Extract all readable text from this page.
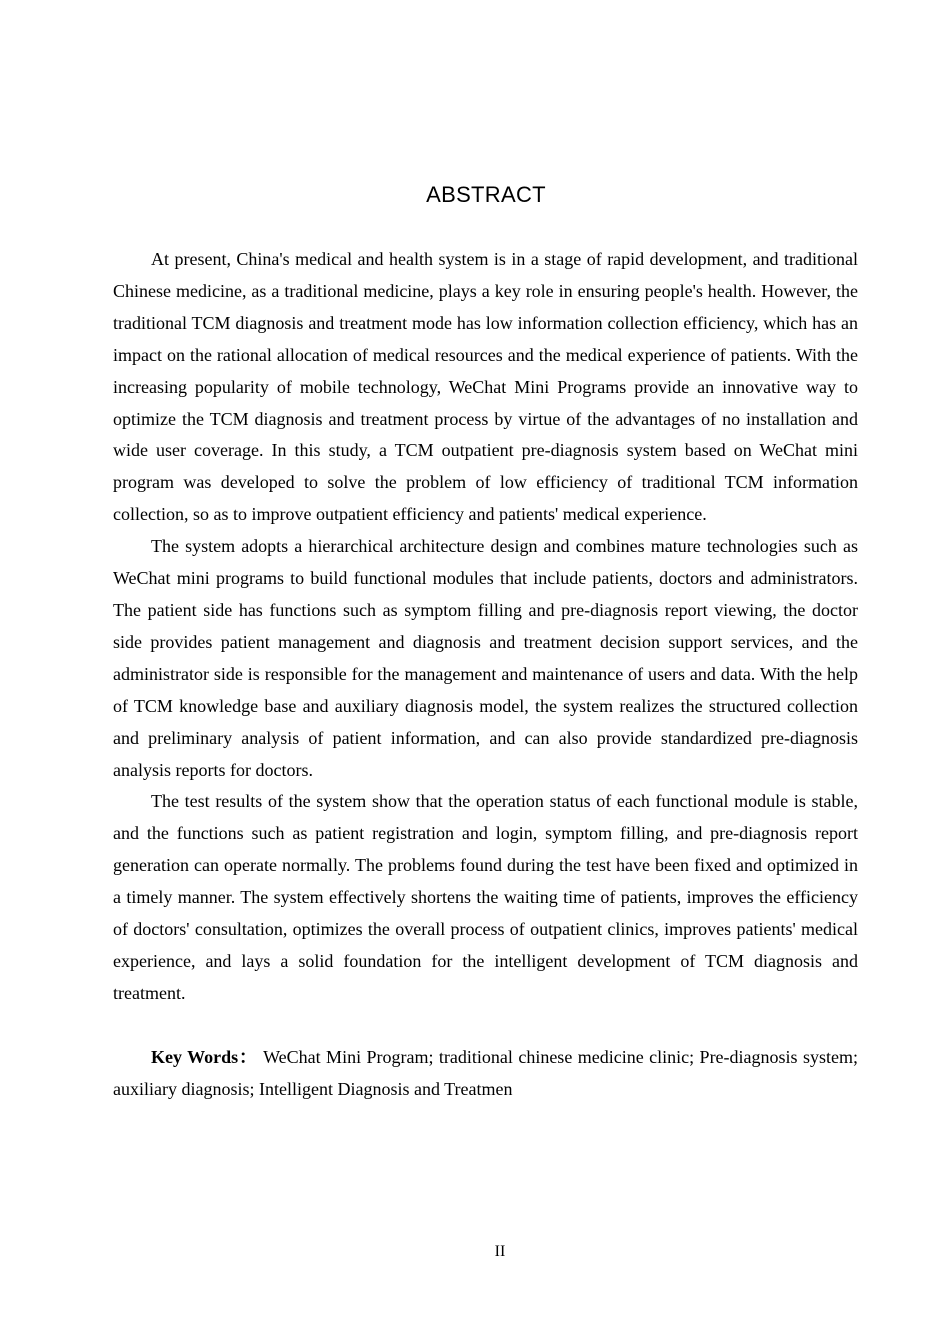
ABSTRACT

At present, China's medical and health system is in a stage of rapid development, and traditional Chinese medicine, as a traditional medicine, plays a key role in ensuring people's health. However, the traditional TCM diagnosis and treatment mode has low information collection efficiency, which has an impact on the rational allocation of medical resources and the medical experience of patients. With the increasing popularity of mobile technology, WeChat Mini Programs provide an innovative way to optimize the TCM diagnosis and treatment process by virtue of the advantages of no installation and wide user coverage. In this study, a TCM outpatient pre-diagnosis system based on WeChat mini program was developed to solve the problem of low efficiency of traditional TCM information collection, so as to improve outpatient efficiency and patients' medical experience.

The system adopts a hierarchical architecture design and combines mature technologies such as WeChat mini programs to build functional modules that include patients, doctors and administrators. The patient side has functions such as symptom filling and pre-diagnosis report viewing, the doctor side provides patient management and diagnosis and treatment decision support services, and the administrator side is responsible for the management and maintenance of users and data. With the help of TCM knowledge base and auxiliary diagnosis model, the system realizes the structured collection and preliminary analysis of patient information, and can also provide standardized pre-diagnosis analysis reports for doctors.

The test results of the system show that the operation status of each functional module is stable, and the functions such as patient registration and login, symptom filling, and pre-diagnosis report generation can operate normally. The problems found during the test have been fixed and optimized in a timely manner. The system effectively shortens the waiting time of patients, improves the efficiency of doctors' consultation, optimizes the overall process of outpatient clinics, improves patients' medical experience, and lays a solid foundation for the intelligent development of TCM diagnosis and treatment.

Key Words： WeChat Mini Program; traditional chinese medicine clinic; Pre-diagnosis system; auxiliary diagnosis; Intelligent Diagnosis and Treatmen

II
